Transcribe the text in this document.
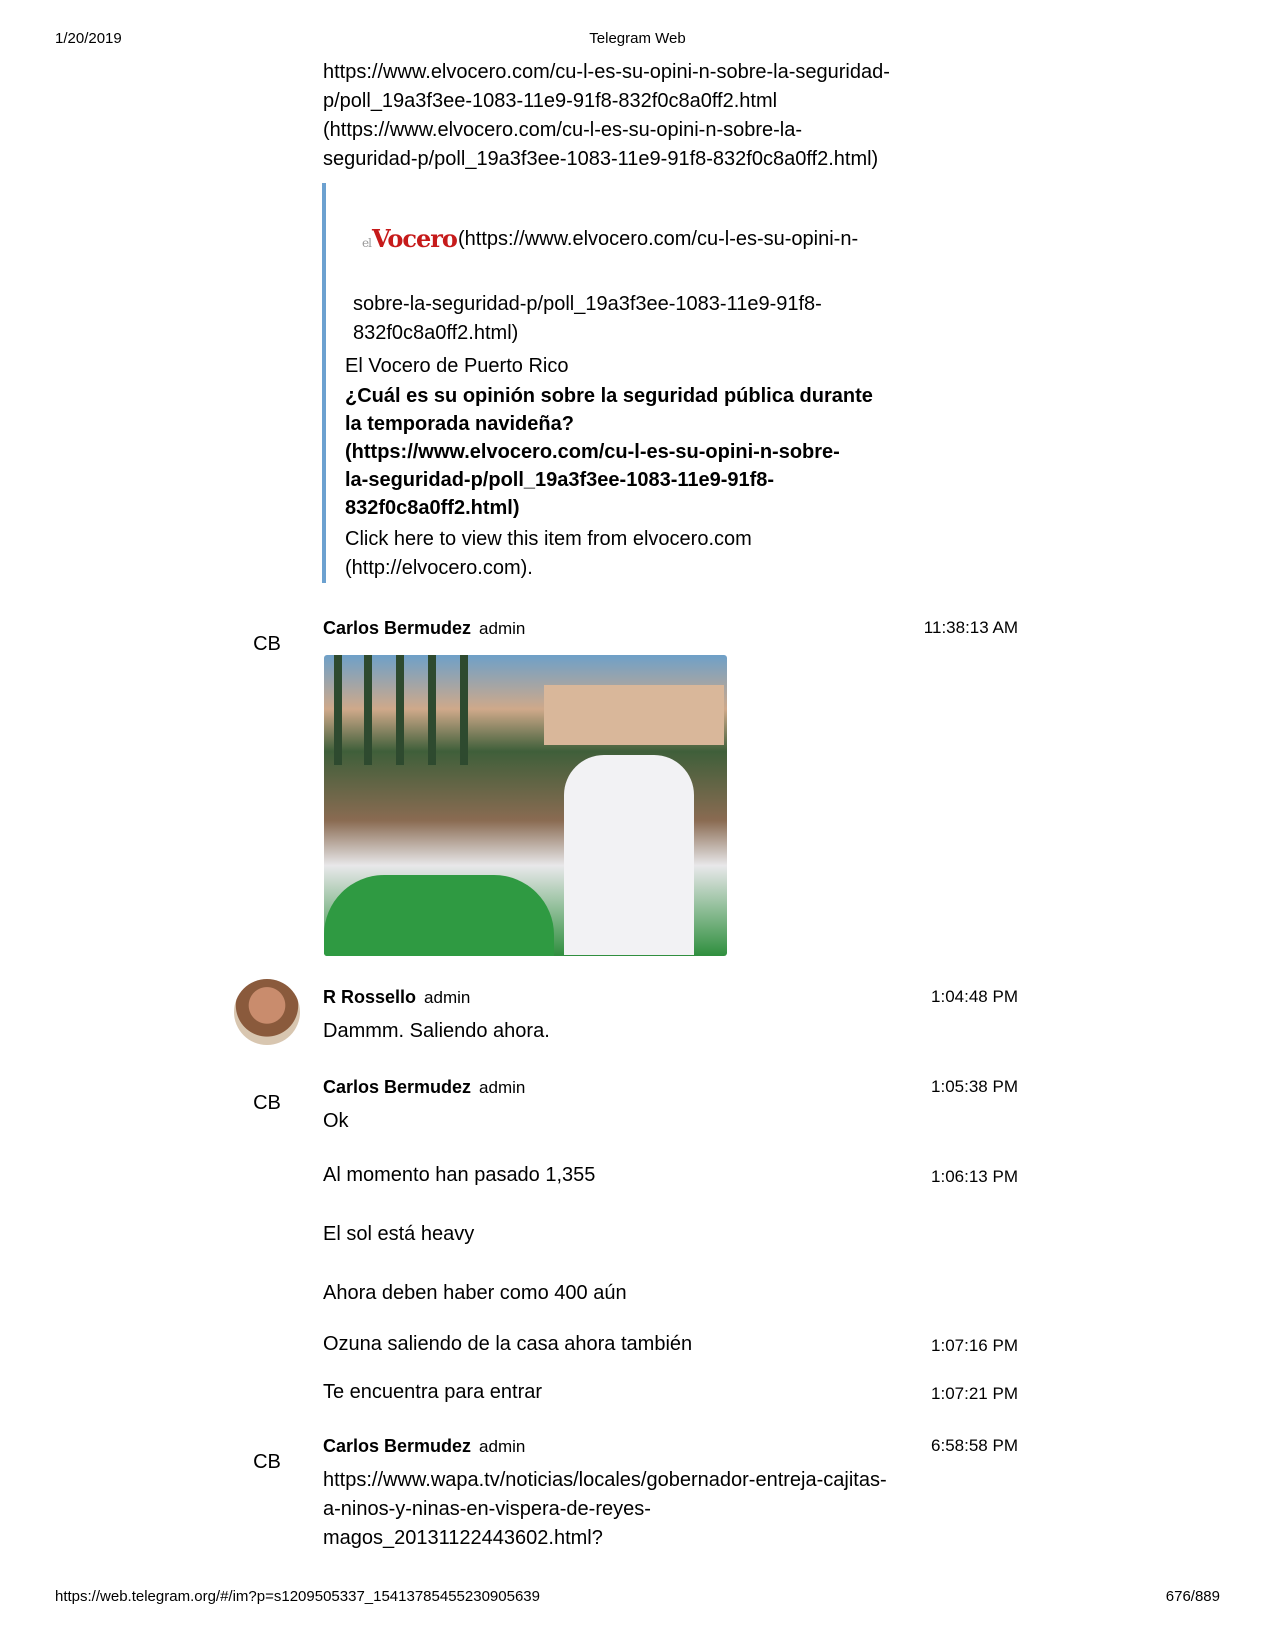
1/20/2019	Telegram Web
https://www.elvocero.com/cu-l-es-su-opini-n-sobre-la-seguridad-
p/poll_19a3f3ee-1083-11e9-91f8-832f0c8a0ff2.html
(https://www.elvocero.com/cu-l-es-su-opini-n-sobre-la-
seguridad-p/poll_19a3f3ee-1083-11e9-91f8-832f0c8a0ff2.html)
elVocero (https://www.elvocero.com/cu-l-es-su-opini-n-
sobre-la-seguridad-p/poll_19a3f3ee-1083-11e9-91f8-
832f0c8a0ff2.html)
El Vocero de Puerto Rico
¿Cuál es su opinión sobre la seguridad pública durante
la temporada navideña?
(https://www.elvocero.com/cu-l-es-su-opini-n-sobre-
la-seguridad-p/poll_19a3f3ee-1083-11e9-91f8-
832f0c8a0ff2.html)
Click here to view this item from elvocero.com
(http://elvocero.com).
CB
Carlos Bermudez admin	11:38:13 AM
R Rossello admin	1:04:48 PM
Dammm. Saliendo ahora.
CB
Carlos Bermudez admin	1:05:38 PM
Ok
Al momento han pasado 1,355	1:06:13 PM
El sol está heavy
Ahora deben haber como 400 aún
Ozuna saliendo de la casa ahora también	1:07:16 PM
Te encuentra para entrar	1:07:21 PM
CB
Carlos Bermudez admin	6:58:58 PM
https://www.wapa.tv/noticias/locales/gobernador-entreja-cajitas-
a-ninos-y-ninas-en-vispera-de-reyes-
magos_20131122443602.html?
https://web.telegram.org/#/im?p=s1209505337_15413785455230905639	676/889
